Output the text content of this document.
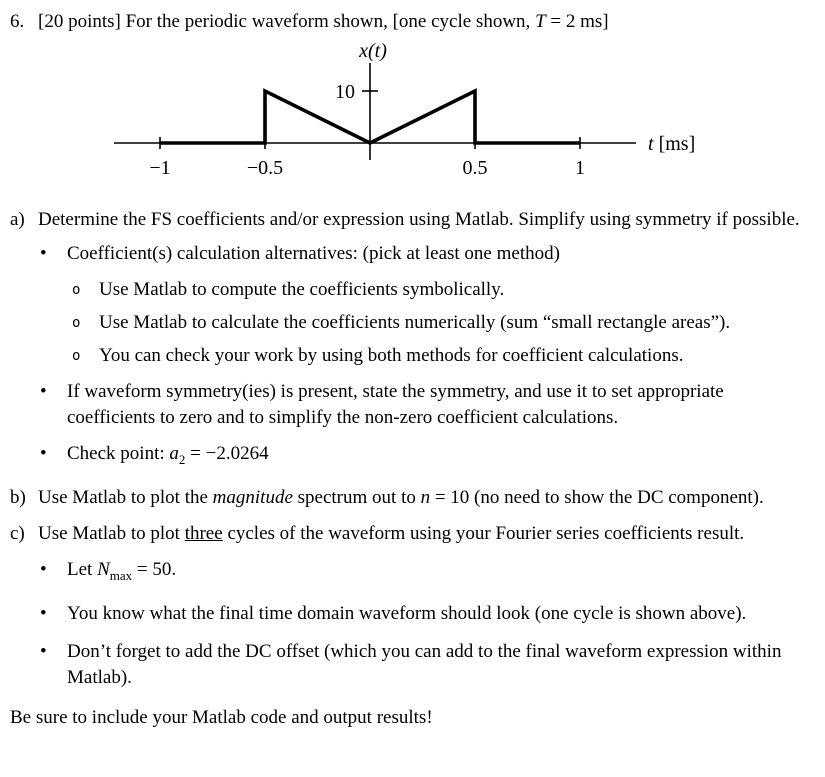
6. [20 points] For the periodic waveform shown, [one cycle shown, T = 2 ms]
−1	−0.5	0.5	1
10
x(t)
t [ms]
a) Determine the FS coefficients and/or expression using Matlab. Simplify using symmetry if possible.
•	Coefficient(s) calculation alternatives: (pick at least one method)
o Use Matlab to compute the coefficients symbolically.
o Use Matlab to calculate the coefficients numerically (sum “small rectangle areas”).
o You can check your work by using both methods for coefficient calculations.
•	If waveform symmetry(ies) is present, state the symmetry, and use it to set appropriate coefficients to zero and to simplify the non-zero coefficient calculations.
•	Check point: $a_2 = -2.0264$
b) Use Matlab to plot the magnitude spectrum out to n = 10 (no need to show the DC component).
c) Use Matlab to plot three cycles of the waveform using your Fourier series coefficients result.
•	Let $N_{max} = 50$.
•	You know what the final time domain waveform should look (one cycle is shown above).
•	Don’t forget to add the DC offset (which you can add to the final waveform expression within Matlab).
Be sure to include your Matlab code and output results!
